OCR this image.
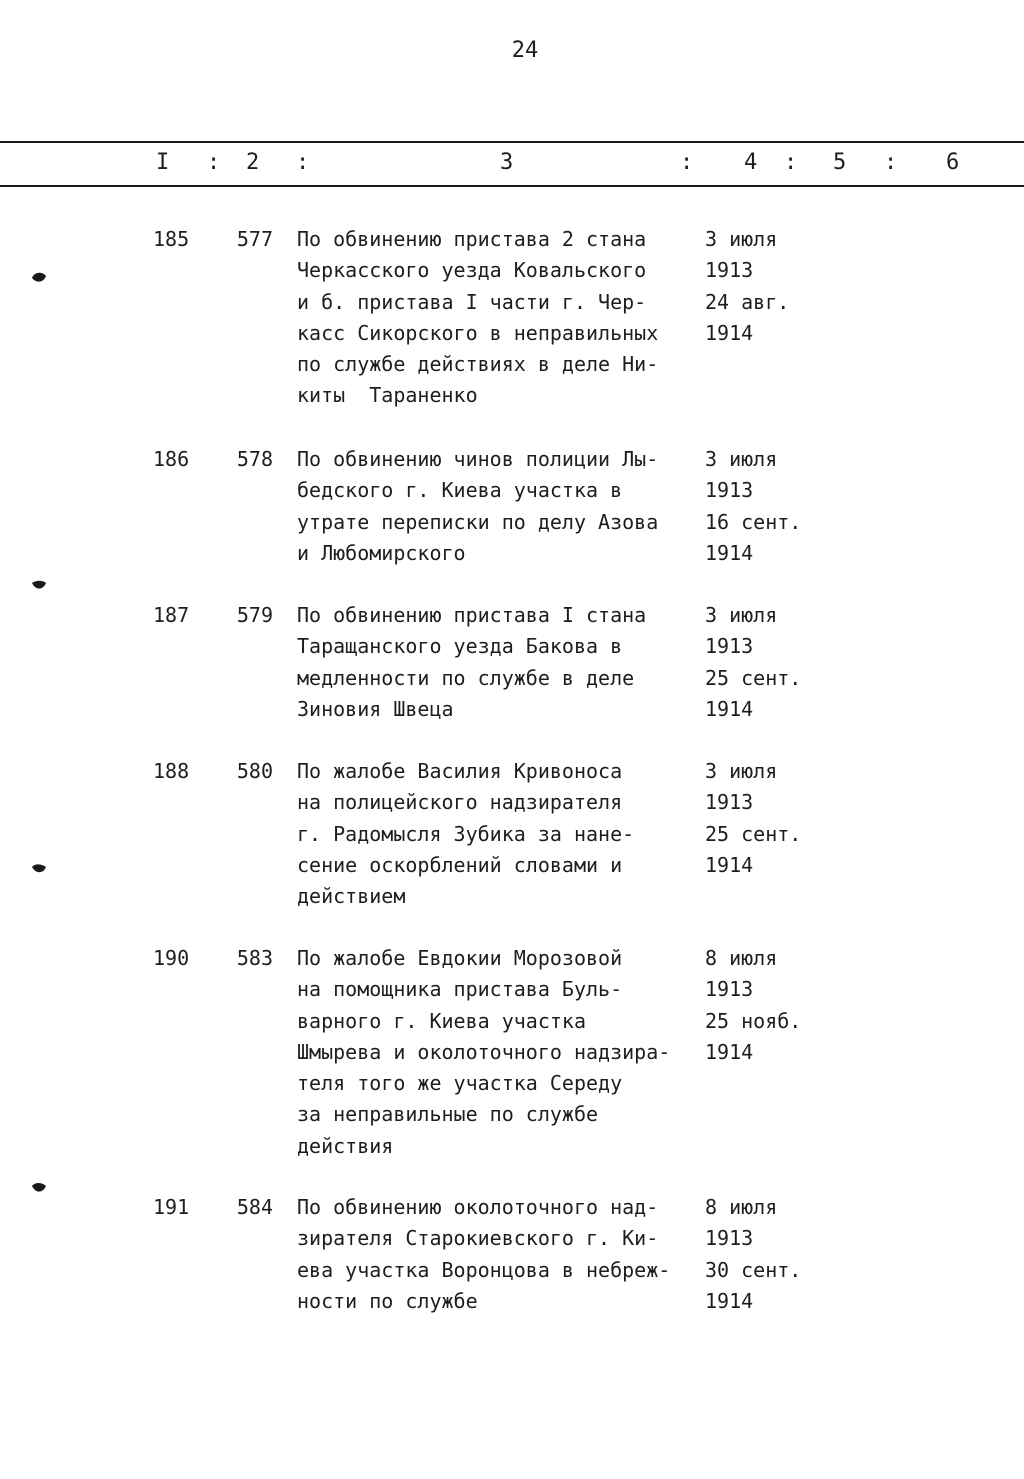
24
I : 2 :	3	: 4 : 5 : 6
185	577 По обвинению пристава 2 стана
Черкасского уезда Ковальского
и б. пристава I части г. Чер-
касс Сикорского в неправильных
по службе действиях в деле Ни-
киты  Тараненко
3 июля
1913
24 авг.
1914
186	578 По обвинению чинов полиции Лы-
бедского г. Киева участка в
утрате переписки по делу Азова
и Любомирского
3 июля
1913
16 сент.
1914
187	579 По обвинению пристава I стана
Таращанского уезда Бакова в
медленности по службе в деле
Зиновия Швеца
3 июля
1913
25 сент.
1914
188	580 По жалобе Василия Кривоноса
на полицейского надзирателя
г. Радомысля Зубика за нане-
сение оскорблений словами и
действием
3 июля
1913
25 сент.
1914
190	583 По жалобе Евдокии Морозовой
на помощника пристава Буль-
варного г. Киева участка
Шмырева и околоточного надзира-
теля того же участка Середу
за неправильные по службе
действия
8 июля
1913
25 нояб.
1914
191	584 По обвинению околоточного над-
зирателя Старокиевского г. Ки-
ева участка Воронцова в небреж-
ности по службе
8 июля
1913
30 сент.
1914
